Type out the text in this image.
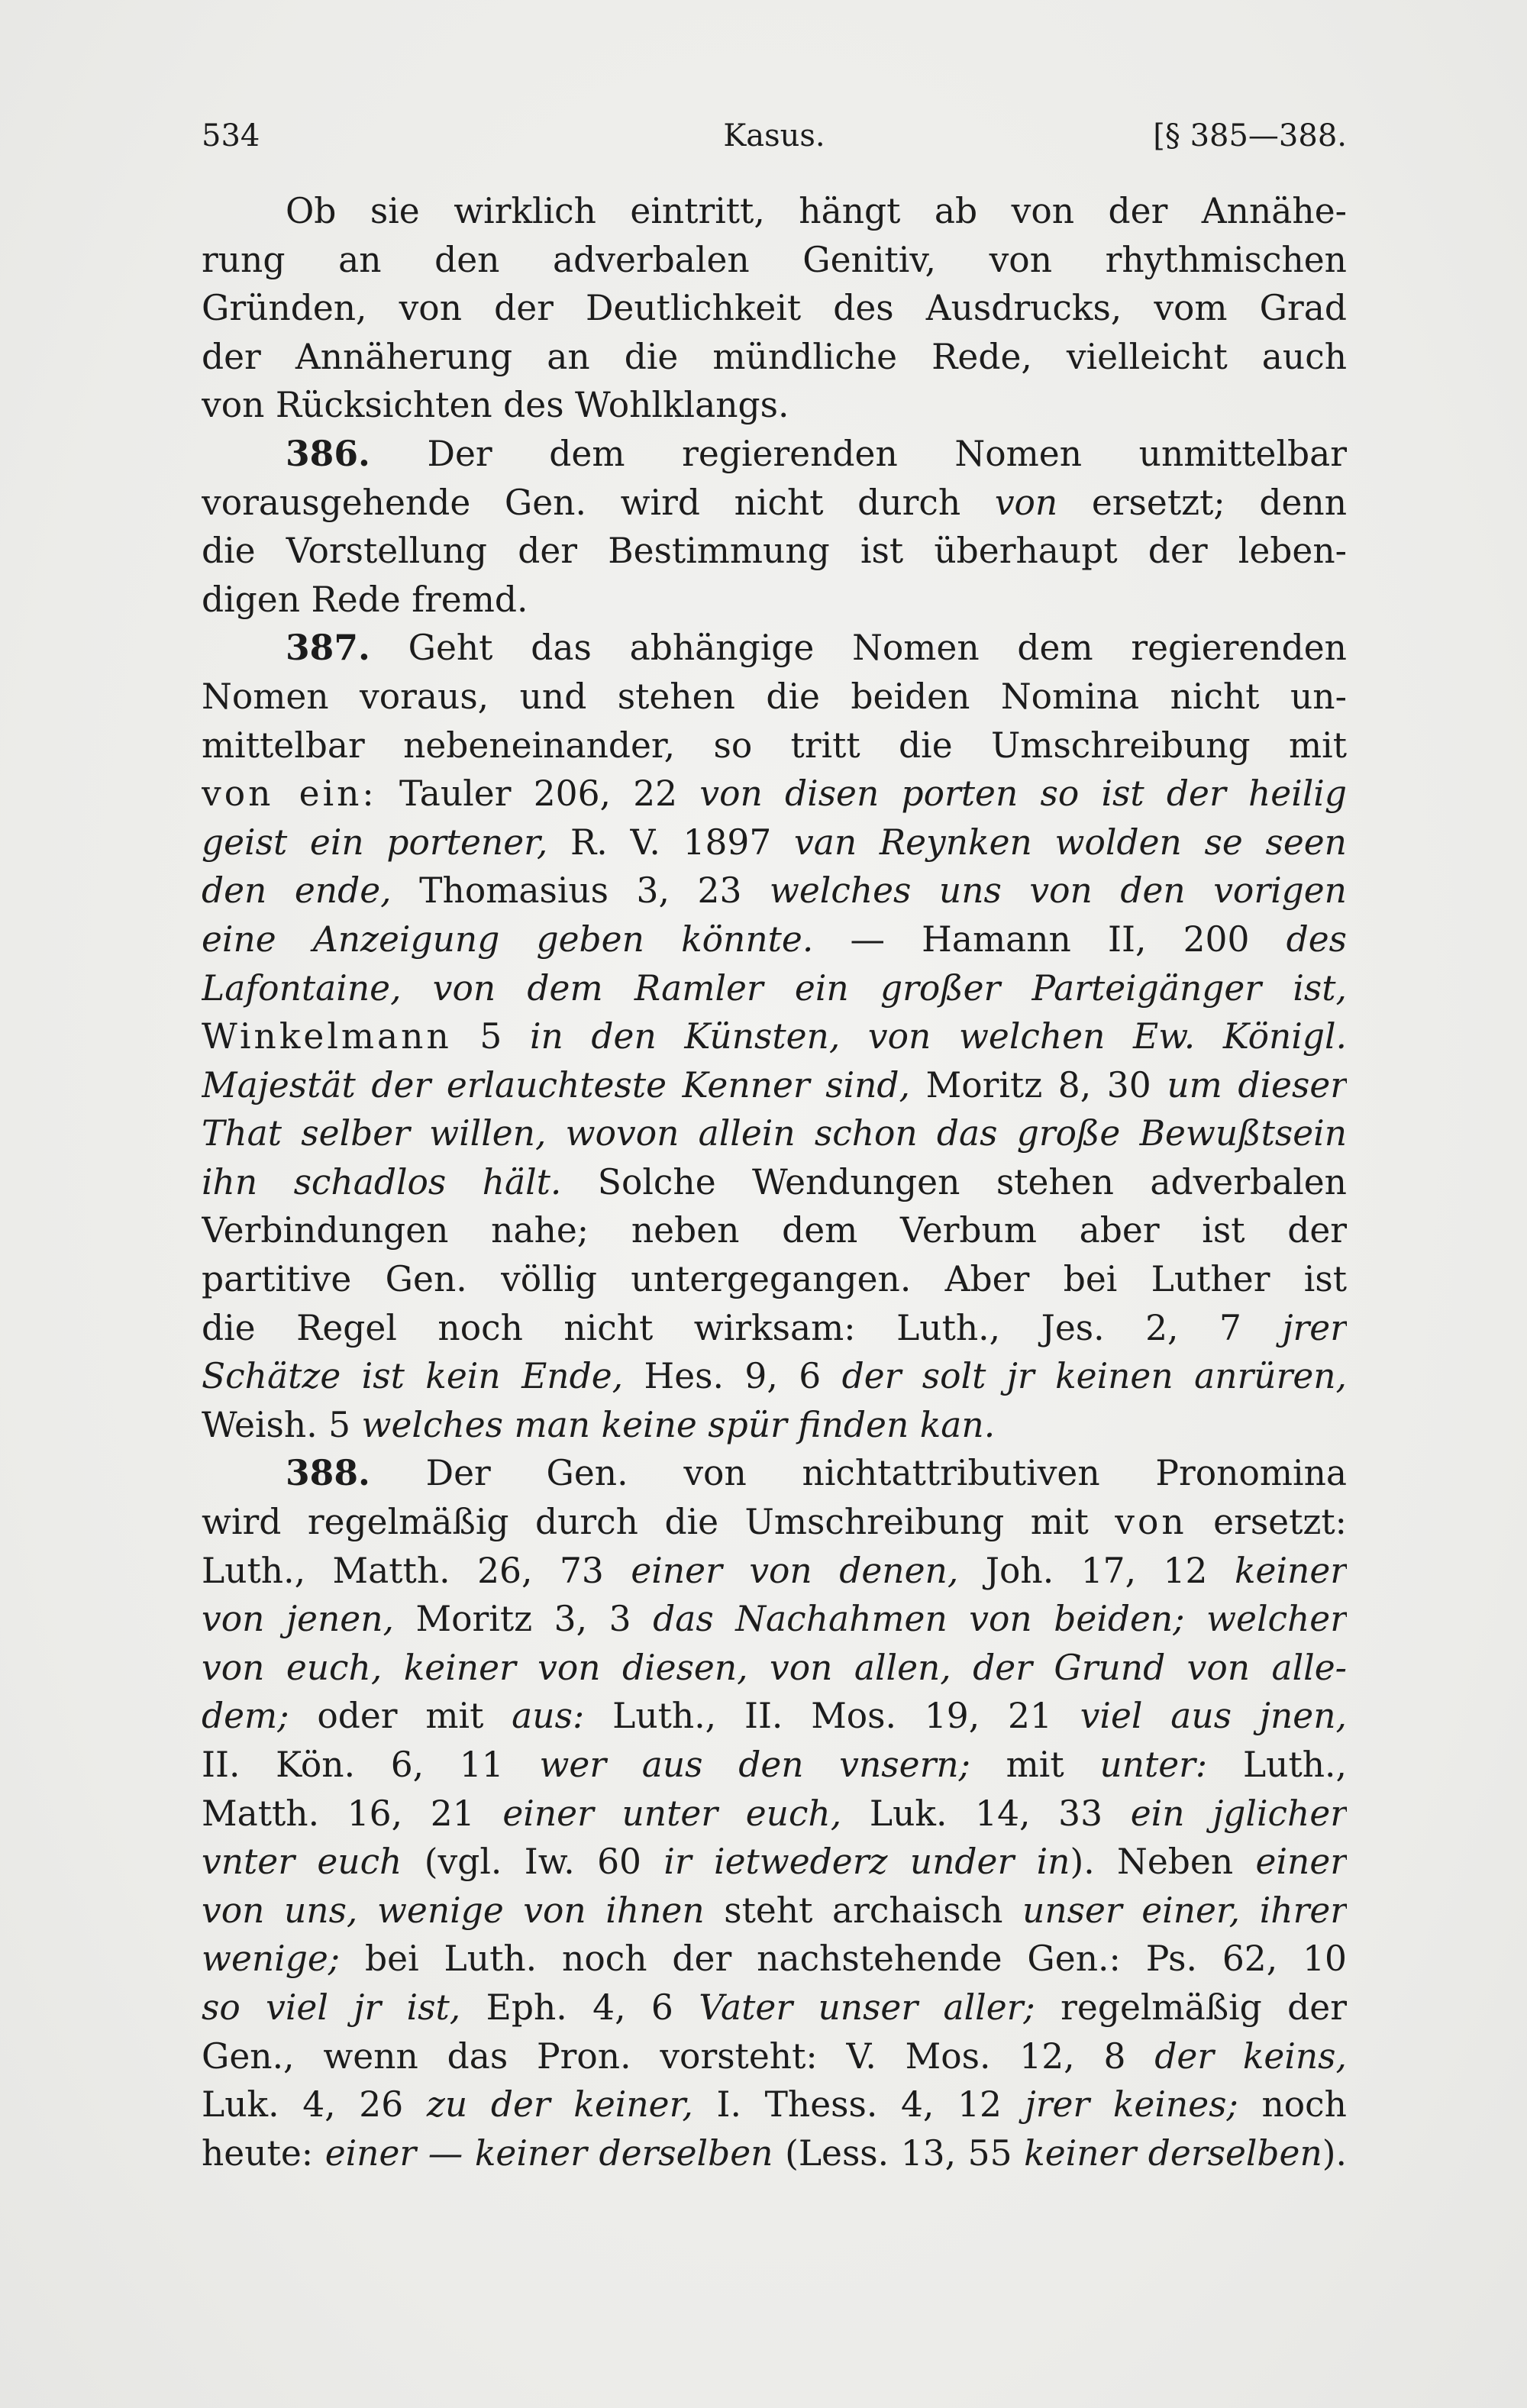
534	Kasus.	[§ 385—388.
Ob sie wirklich eintritt, hängt ab von der Annähe-
rung an den adverbalen Genitiv, von rhythmischen
Gründen, von der Deutlichkeit des Ausdrucks, vom Grad
der Annäherung an die mündliche Rede, vielleicht auch
von Rücksichten des Wohlklangs.
386. Der dem regierenden Nomen unmittelbar
vorausgehende Gen. wird nicht durch von ersetzt; denn
die Vorstellung der Bestimmung ist überhaupt der leben-
digen Rede fremd.
387. Geht das abhängige Nomen dem regierenden
Nomen voraus, und stehen die beiden Nomina nicht un-
mittelbar nebeneinander, so tritt die Umschreibung mit
von ein: Tauler 206, 22 von disen porten so ist der heilig
geist ein portener, R. V. 1897 van Reynken wolden se seen
den ende, Thomasius 3, 23 welches uns von den vorigen
eine Anzeigung geben könnte. — Hamann II, 200 des
Lafontaine, von dem Ramler ein großer Parteigänger ist,
Winkelmann 5 in den Künsten, von welchen Ew. Königl.
Majestät der erlauchteste Kenner sind, Moritz 8, 30 um dieser
That selber willen, wovon allein schon das große Bewußtsein
ihn schadlos hält. Solche Wendungen stehen adverbalen
Verbindungen nahe; neben dem Verbum aber ist der
partitive Gen. völlig untergegangen. Aber bei Luther ist
die Regel noch nicht wirksam: Luth., Jes. 2, 7 jrer
Schätze ist kein Ende, Hes. 9, 6 der solt jr keinen anrüren,
Weish. 5 welches man keine spür finden kan.
388. Der Gen. von nichtattributiven Pronomina
wird regelmäßig durch die Umschreibung mit von ersetzt:
Luth., Matth. 26, 73 einer von denen, Joh. 17, 12 keiner
von jenen, Moritz 3, 3 das Nachahmen von beiden; welcher
von euch, keiner von diesen, von allen, der Grund von alle-
dem; oder mit aus: Luth., II. Mos. 19, 21 viel aus jnen,
II. Kön. 6, 11 wer aus den vnsern; mit unter: Luth.,
Matth. 16, 21 einer unter euch, Luk. 14, 33 ein jglicher
vnter euch (vgl. Iw. 60 ir ietwederz under in). Neben einer
von uns, wenige von ihnen steht archaisch unser einer, ihrer
wenige; bei Luth. noch der nachstehende Gen.: Ps. 62, 10
so viel jr ist, Eph. 4, 6 Vater unser aller; regelmäßig der
Gen., wenn das Pron. vorsteht: V. Mos. 12, 8 der keins,
Luk. 4, 26 zu der keiner, I. Thess. 4, 12 jrer keines; noch
heute: einer — keiner derselben (Less. 13, 55 keiner derselben).
